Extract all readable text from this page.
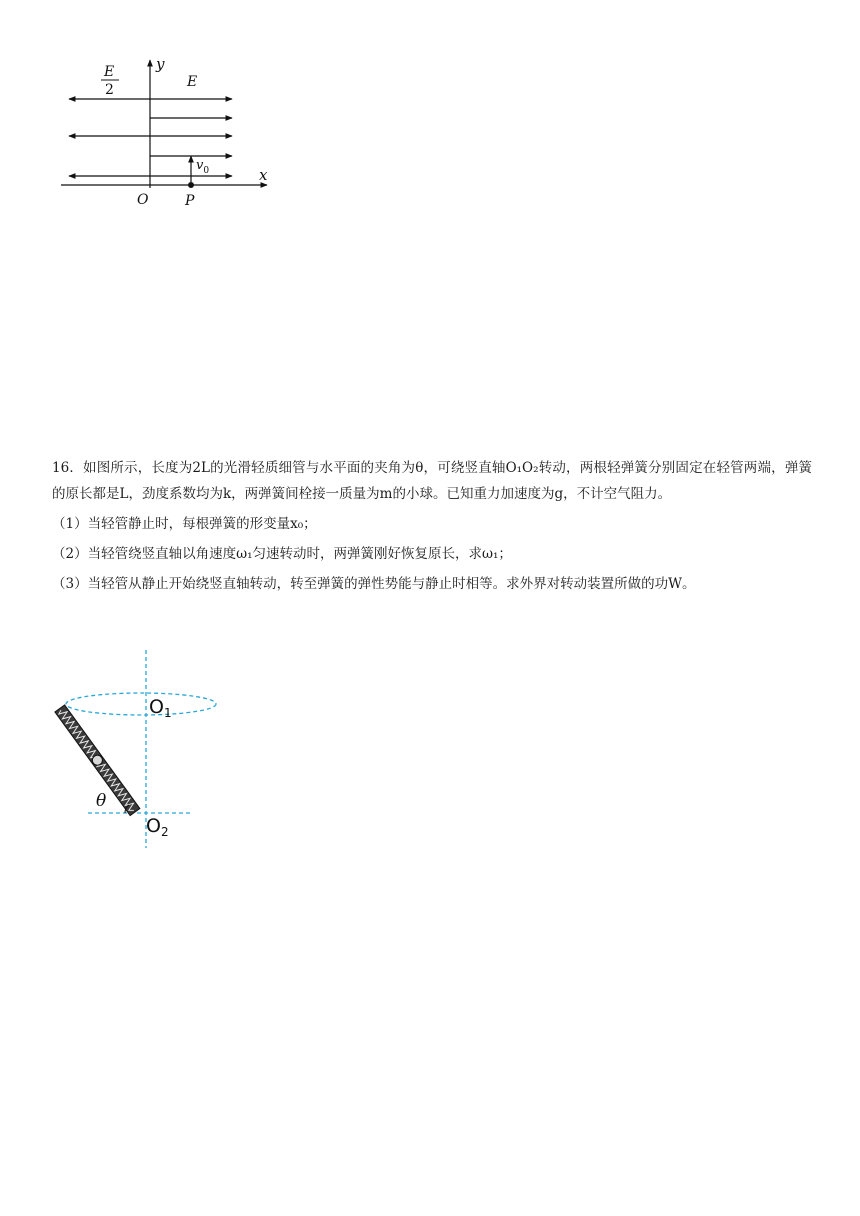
x
y
E
2	E
$v_0$
O	P

16．如图所示，长度为2L的光滑轻质细管与水平面的夹角为θ，可绕竖直轴O₁O₂转动，两根轻弹簧分别固定在轻管两端，弹簧的原长都是L，劲度系数均为k，两弹簧间栓接一质量为m的小球。已知重力加速度为g，不计空气阻力。

（1）当轻管静止时，每根弹簧的形变量x₀；

（2）当轻管绕竖直轴以角速度ω₁匀速转动时，两弹簧刚好恢复原长，求ω₁；

（3）当轻管从静止开始绕竖直轴转动，转至弹簧的弹性势能与静止时相等。求外界对转动装置所做的功W。

$O_1$
$O_2$
θ
